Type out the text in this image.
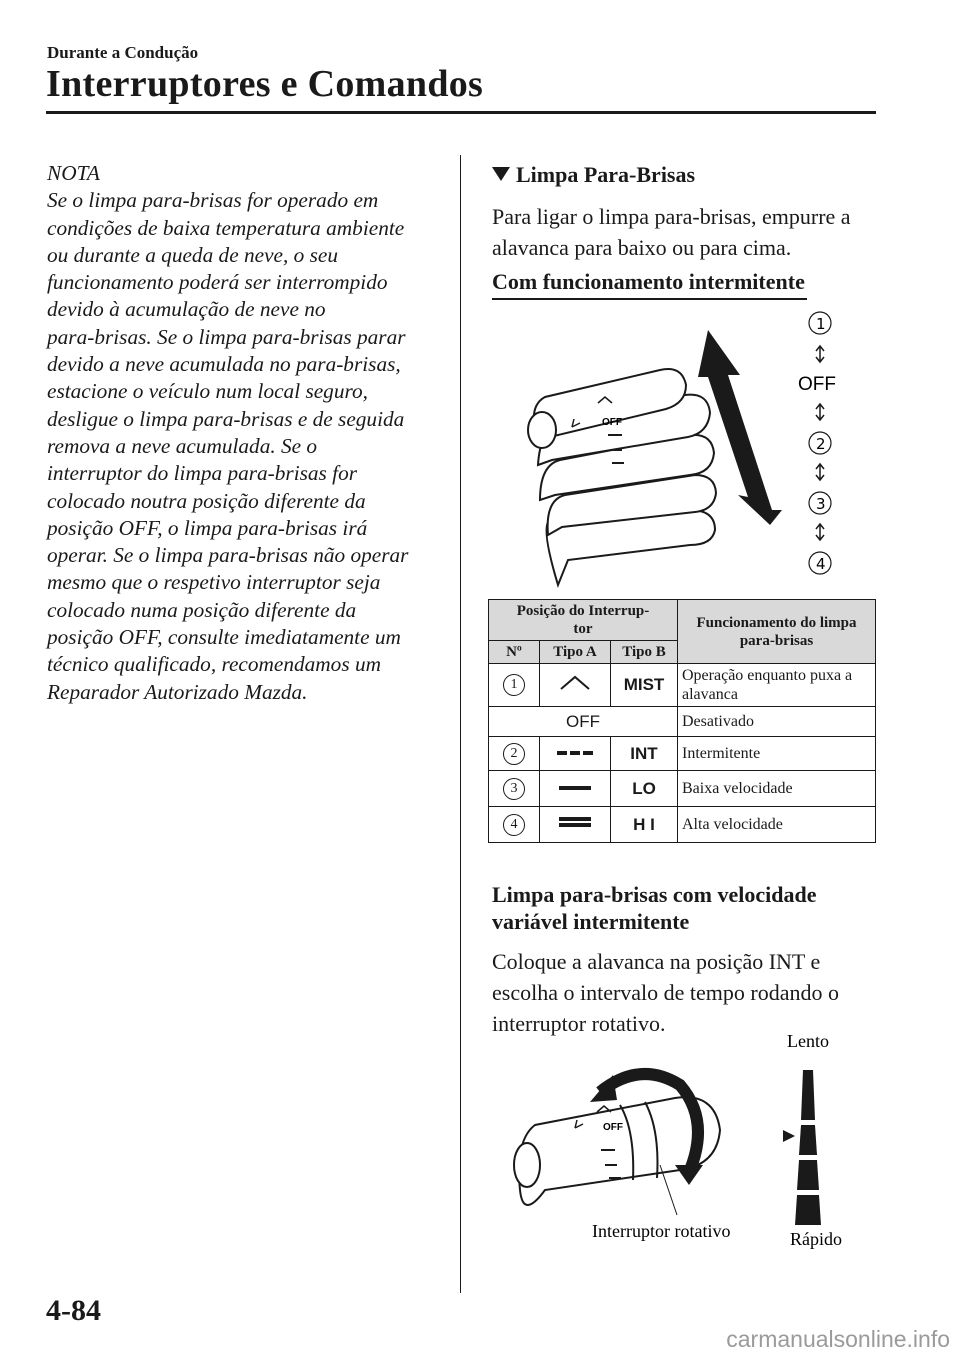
Durante a Condução
Interruptores e Comandos
NOTA
Se o limpa para-brisas for operado em
condições de baixa temperatura ambiente
ou durante a queda de neve, o seu
funcionamento poderá ser interrompido
devido à acumulação de neve no
para-brisas. Se o limpa para-brisas parar
devido a neve acumulada no para-brisas,
estacione o veículo num local seguro,
desligue o limpa para-brisas e de seguida
remova a neve acumulada. Se o
interruptor do limpa para-brisas for
colocado noutra posição diferente da
posição OFF, o limpa para-brisas irá
operar. Se o limpa para-brisas não operar
mesmo que o respetivo interruptor seja
colocado numa posição diferente da
posição OFF, consulte imediatamente um
técnico qualificado, recomendamos um
Reparador Autorizado Mazda.
Limpa Para-Brisas
Para ligar o limpa para-brisas, empurre a
alavanca para baixo ou para cima.
Com funcionamento intermitente
OFF
1
OFF
2
3
4
Posição do Interrup-
tor			Funcionamento do limpa
para-brisas
Nº	Tipo A	Tipo B	
1		MIST	Operação enquanto puxa a
alavanca
OFF			Desativado
2		INT	Intermitente
3		LO	Baixa velocidade
4		H I	Alta velocidade
Limpa para-brisas com velocidade
variável intermitente
Coloque a alavanca na posição INT e
escolha o intervalo de tempo rodando o
interruptor rotativo.
Lento
Rápido
Interruptor rotativo
OFF
4-84
carmanualsonline.info
